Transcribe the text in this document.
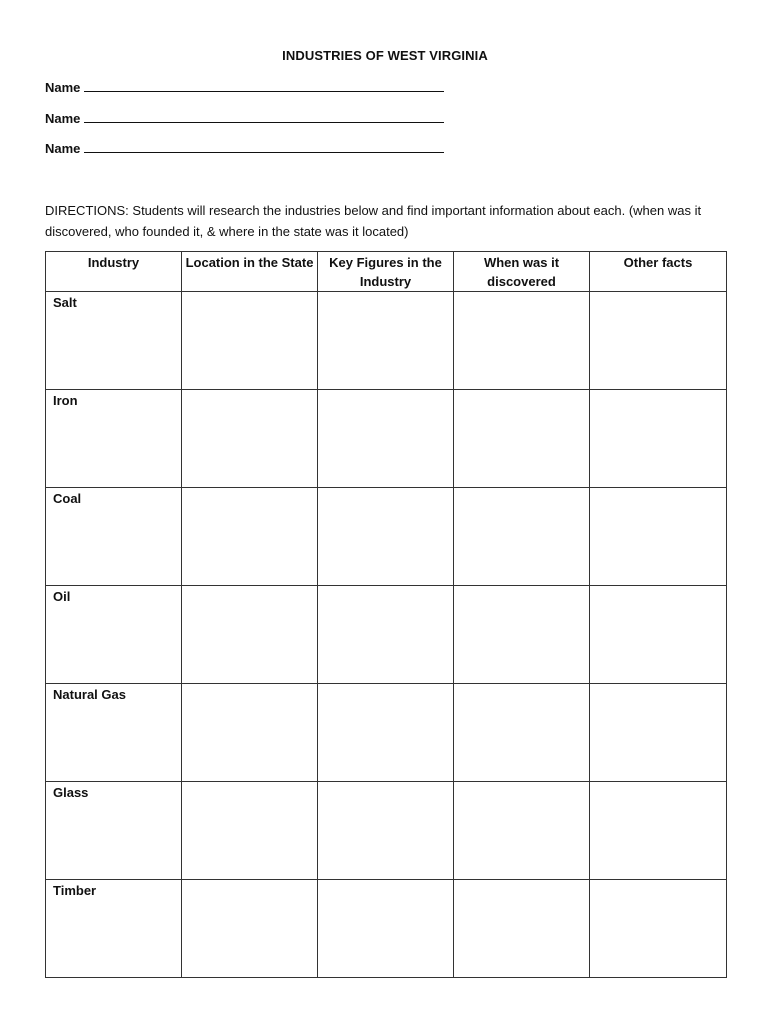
INDUSTRIES OF WEST VIRGINIA
Name
Name
Name
DIRECTIONS: Students will research the industries below and find important information about each. (when was it discovered, who founded it, & where in the state was it located)
Industry	Location in the State	Key Figures in the Industry	When was it discovered	Other facts
Salt				
Iron				
Coal				
Oil				
Natural Gas				
Glass				
Timber				
